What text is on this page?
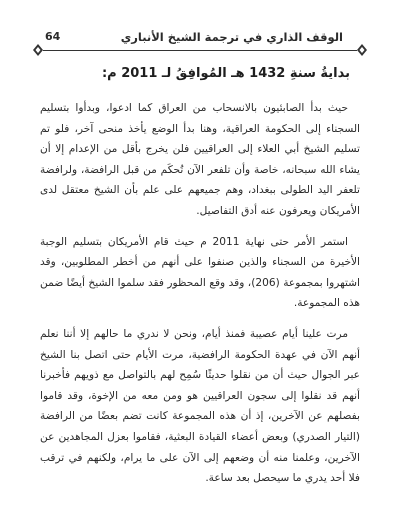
64	الوقف الذاري في ترجمة الشيخ الأنباري
بدايةُ سنةِ 1432 هـ المُوافِقُ لـ 2011 م:

حيث بدأ الصابئيون بالانسحاب من العراق كما ادعوا، وبدأوا بتسليم السجناء إلى الحكومة العراقية، وهنا بدأ الوضع يأخذ منحى آخر، فلو تم تسليم الشيخ أبي العلاء إلى العراقيين فلن يخرج بأقل من الإعدام إلا أن يشاء الله سبحانه، خاصة وأن تلفعر الآن تُحكَم من قبل الرافضة، ولرافضة تلعفر اليد الطولى ببغداد، وهم جميعهم على علم بأن الشيخ معتقل لدى الأمريكان ويعرفون عنه أدق التفاصيل.

استمر الأمر حتى نهاية 2011 م حيث قام الأمريكان بتسليم الوجبة الأخيرة من السجناء والذين صنفوا على أنهم من أخطر المطلوبين، وقد اشتهروا بمجموعة (206)، وقد وقع المحظور فقد سلموا الشيخ أيضًا ضمن هذه المجموعة.

مرت علينا أيام عصيبة فمنذ أيام، ونحن لا ندري ما حالهم إلا أننا نعلم أنهم الآن في عهدة الحكومة الرافضية، مرت الأيام حتى اتصل بنا الشيخ عبر الجوال حيث أن من نقلوا حديثًا سُمِح لهم بالتواصل مع ذويهم فأخبرنا أنهم قد نقلوا إلى سجون العراقيين هو ومن معه من الإخوة، وقد قاموا بفصلهم عن الآخرين، إذ أن هذه المجموعة كانت تضم بعضًا من الرافضة (التيار الصدري) وبعض أعضاء القيادة البعثية، فقاموا بعزل المجاهدين عن الآخرين، وعلمنا منه أن وضعهم إلى الآن على ما يرام، ولكنهم في ترقب فلا أحد يدري ما سيحصل بعد ساعة.
